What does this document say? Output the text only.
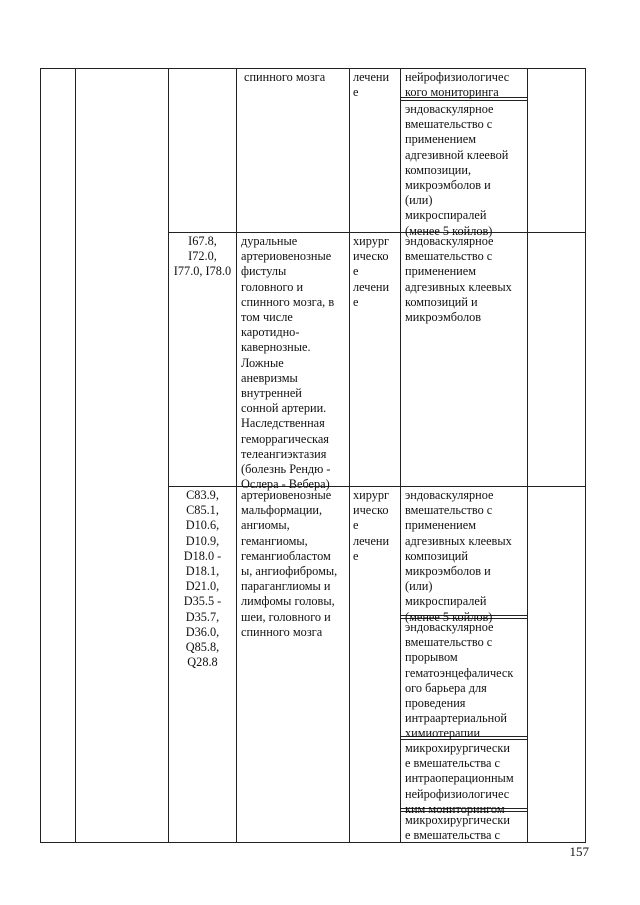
спинного мозга	лечени
е
нейрофизиологичес
кого мониторинга
эндоваскулярное
вмешательство с
применением
адгезивной клеевой
композиции,
микроэмболов и
(или)
микроспиралей
(менее 5 койлов)
I67.8,
I72.0,
I77.0, I78.0
дуральные
артериовенозные
фистулы
головного и
спинного мозга, в
том числе
каротидно-
кавернозные.
Ложные
аневризмы
внутренней
сонной артерии.
Наследственная
геморрагическая
телеангиэктазия
(болезнь Рендю -
Ослера - Вебера)
хирург
ическо
е
лечени
е
эндоваскулярное
вмешательство с
применением
адгезивных клеевых
композиций и
микроэмболов
C83.9,
C85.1,
D10.6,
D10.9,
D18.0 -
D18.1,
D21.0,
D35.5 -
D35.7,
D36.0,
Q85.8,
Q28.8
артериовенозные
мальформации,
ангиомы,
гемангиомы,
гемангиобластом
ы, ангиофибромы,
параганглиомы и
лимфомы головы,
шеи, головного и
спинного мозга
хирург
ическо
е
лечени
е
эндоваскулярное
вмешательство с
применением
адгезивных клеевых
композиций
микроэмболов и
(или)
микроспиралей
(менее 5 койлов)
эндоваскулярное
вмешательство с
прорывом
гематоэнцефалическ
ого барьера для
проведения
интраартериальной
химиотерапии
микрохирургически
е вмешательства с
интраоперационным
нейрофизиологичес
ким мониторингом
микрохирургически
е вмешательства с
157
